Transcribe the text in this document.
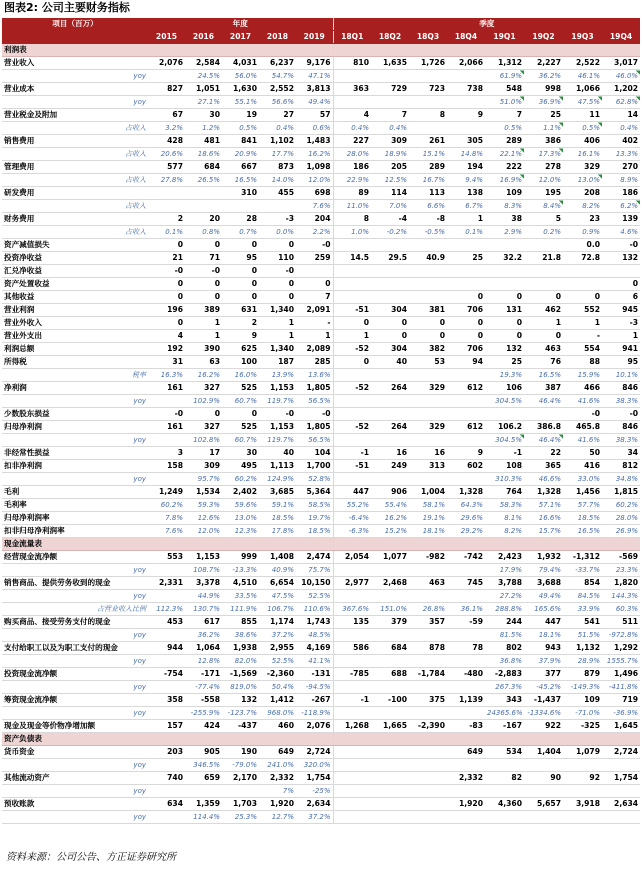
图表2: 公司主要财务指标
项目（百万）	年度					季度							
	2015	2016	2017	2018	2019	18Q1	18Q2	18Q3	18Q4	19Q1	19Q2	19Q3	19Q4
利润表													
营业收入	2,076	2,584	4,031	6,237	9,176	810	1,635	1,726	2,066	1,312	2,227	2,522	3,017
yoy		24.5%	56.0%	54.7%	47.1%					61.9%	36.2%	46.1%	46.0%
营业成本	827	1,051	1,630	2,552	3,813	363	729	723	738	548	998	1,066	1,202
yoy		27.1%	55.1%	56.6%	49.4%					51.0%	36.9%	47.5%	62.8%
营业税金及附加	67	30	19	27	57	4	7	8	9	7	25	11	14
占收入	3.2%	1.2%	0.5%	0.4%	0.6%	0.4%	0.4%			0.5%	1.1%	0.5%	0.4%
销售费用	428	481	841	1,102	1,483	227	309	261	305	289	386	406	402
占收入	20.6%	18.6%	20.9%	17.7%	16.2%	28.0%	18.9%	15.1%	14.8%	22.1%	17.3%	16.1%	13.3%
管理费用	577	684	667	873	1,098	186	205	289	194	222	278	329	270
占收入	27.8%	26.5%	16.5%	14.0%	12.0%	22.9%	12.5%	16.7%	9.4%	16.9%	12.0%	13.0%	8.9%
研发费用			310	455	698	89	114	113	138	109	195	208	186
占收入					7.6%	11.0%	7.0%	6.6%	6.7%	8.3%	8.4%	8.2%	6.2%
财务费用	2	20	28	-3	204	8	-4	-8	1	38	5	23	139
占收入	0.1%	0.8%	0.7%	0.0%	2.2%	1.0%	-0.2%	-0.5%	0.1%	2.9%	0.2%	0.9%	4.6%
资产减值损失	0	0	0	0	-0							0.0	-0
投资净收益	21	71	95	110	259	14.5	29.5	40.9	25	32.2	21.8	72.8	132
汇兑净收益	-0	-0	0	-0									
资产处置收益	0	0	0	0	0								0
其他收益	0	0	0	0	7				0	0	0	0	6
营业利润	196	389	631	1,340	2,091	-51	304	381	706	131	462	552	945
营业外收入	0	1	2	1	-	0	0	0	0	0	1	1	-3
营业外支出	4	1	9	1	1	1	0	0	0	0	0	-	1
利润总额	192	390	625	1,340	2,089	-52	304	382	706	132	463	554	941
所得税	31	63	100	187	285	0	40	53	94	25	76	88	95
税率	16.3%	16.2%	16.0%	13.9%	13.6%					19.3%	16.5%	15.9%	10.1%
净利润	161	327	525	1,153	1,805	-52	264	329	612	106	387	466	846
yoy		102.9%	60.7%	119.7%	56.5%					304.5%	46.4%	41.6%	38.3%
少数股东损益	-0	0	0	-0	-0							-0	-0
归母净利润	161	327	525	1,153	1,805	-52	264	329	612	106.2	386.8	465.8	846
yoy		102.8%	60.7%	119.7%	56.5%					304.5%	46.4%	41.6%	38.3%
非经常性损益	3	17	30	40	104	-1	16	16	9	-1	22	50	34
扣非净利润	158	309	495	1,113	1,700	-51	249	313	602	108	365	416	812
yoy		95.7%	60.2%	124.9%	52.8%					310.3%	46.6%	33.0%	34.8%
毛利	1,249	1,534	2,402	3,685	5,364	447	906	1,004	1,328	764	1,328	1,456	1,815
毛利率	60.2%	59.3%	59.6%	59.1%	58.5%	55.2%	55.4%	58.1%	64.3%	58.3%	57.1%	57.7%	60.2%
归母净利润率	7.8%	12.6%	13.0%	18.5%	19.7%	-6.4%	16.2%	19.1%	29.6%	8.1%	16.6%	18.5%	28.0%
扣非归母净利润率	7.6%	12.0%	12.3%	17.8%	18.5%	-6.3%	15.2%	18.1%	29.2%	8.2%	15.7%	16.5%	26.9%
现金流量表													
经营现金流净额	553	1,153	999	1,408	2,474	2,054	1,077	-982	-742	2,423	1,932	-1,312	-569
yoy		108.7%	-13.3%	40.9%	75.7%					17.9%	79.4%	-33.7%	23.3%
销售商品、提供劳务收到的现金	2,331	3,378	4,510	6,654	10,150	2,977	2,468	463	745	3,788	3,688	854	1,820
yoy		44.9%	33.5%	47.5%	52.5%					27.2%	49.4%	84.5%	144.3%
占营业收入比例	112.3%	130.7%	111.9%	106.7%	110.6%	367.6%	151.0%	26.8%	36.1%	288.8%	165.6%	33.9%	60.3%
购买商品、接受劳务支付的现金	453	617	855	1,174	1,743	135	379	357	-59	244	447	541	511
yoy		36.2%	38.6%	37.2%	48.5%					81.5%	18.1%	51.5%	-972.8%
支付给职工以及为职工支付的现金	944	1,064	1,938	2,955	4,169	586	684	878	78	802	943	1,132	1,292
yoy		12.8%	82.0%	52.5%	41.1%					36.8%	37.9%	28.9%	1555.7%
投资现金流净额	-754	-171	-1,569	-2,360	-131	-785	688	-1,784	-480	-2,883	377	879	1,496
yoy		-77.4%	819.0%	50.4%	-94.5%					267.3%	-45.2%	-149.3%	-411.8%
筹资现金流净额	358	-558	132	1,412	-267	-1	-100	375	1,139	343	-1,437	109	719
yoy		-255.9%	-123.7%	968.0%	-118.9%					24365.6%	-1334.6%	-71.0%	-36.9%
现金及现金等价物净增加额	157	424	-437	460	2,076	1,268	1,665	-2,390	-83	-167	922	-325	1,645
资产负债表													
货币资金	203	905	190	649	2,724				649	534	1,404	1,079	2,724
yoy		346.5%	-79.0%	241.0%	320.0%								
其他流动资产	740	659	2,170	2,332	1,754				2,332	82	90	92	1,754
yoy				7%	-25%								
预收账款	634	1,359	1,703	1,920	2,634				1,920	4,360	5,657	3,918	2,634
yoy		114.4%	25.3%	12.7%	37.2%								
资料来源：公司公告、方正证券研究所
